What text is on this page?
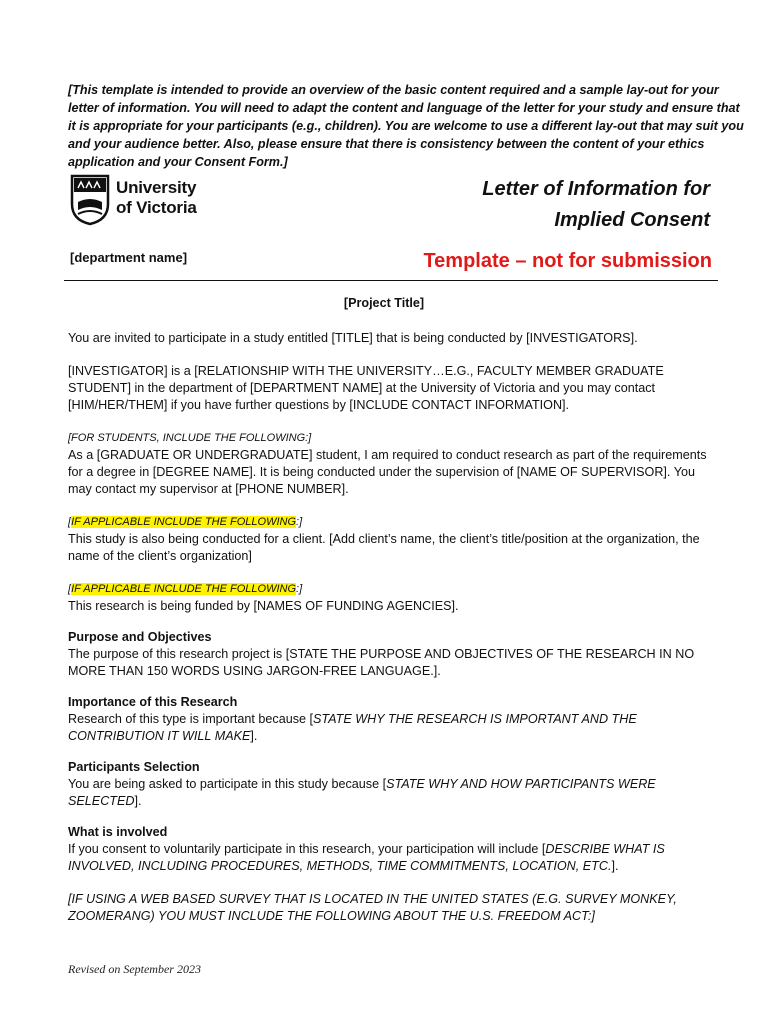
[This template is intended to provide an overview of the basic content required and a sample lay-out for your letter of information. You will need to adapt the content and language of the letter for your study and ensure that it is appropriate for your participants (e.g., children). You are welcome to use a different lay-out that may suit you and your audience better. Also, please ensure that there is consistency between the content of your ethics application and your Consent Form.]

University
of Victoria
Letter of Information for
Implied Consent
[department name]	Template – not for submission
[Project Title]

You are invited to participate in a study entitled [TITLE] that is being conducted by [INVESTIGATORS].

[INVESTIGATOR] is a [RELATIONSHIP WITH THE UNIVERSITY…E.G., FACULTY MEMBER GRADUATE STUDENT] in the department of [DEPARTMENT NAME] at the University of Victoria and you may contact [HIM/HER/THEM] if you have further questions by [INCLUDE CONTACT INFORMATION].

[FOR STUDENTS, INCLUDE THE FOLLOWING:]

As a [GRADUATE OR UNDERGRADUATE] student, I am required to conduct research as part of the requirements for a degree in [DEGREE NAME]. It is being conducted under the supervision of [NAME OF SUPERVISOR]. You may contact my supervisor at [PHONE NUMBER].

[IF APPLICABLE INCLUDE THE FOLLOWING:]

This study is also being conducted for a client. [Add client’s name, the client’s title/position at the organization, the name of the client’s organization]

[IF APPLICABLE INCLUDE THE FOLLOWING:]

This research is being funded by [NAMES OF FUNDING AGENCIES].

Purpose and Objectives

The purpose of this research project is [STATE THE PURPOSE AND OBJECTIVES OF THE RESEARCH IN NO MORE THAN 150 WORDS USING JARGON-FREE LANGUAGE.].

Importance of this Research

Research of this type is important because [STATE WHY THE RESEARCH IS IMPORTANT AND THE CONTRIBUTION IT WILL MAKE].

Participants Selection

You are being asked to participate in this study because [STATE WHY AND HOW PARTICIPANTS WERE SELECTED].

What is involved

If you consent to voluntarily participate in this research, your participation will include [DESCRIBE WHAT IS INVOLVED, INCLUDING PROCEDURES, METHODS, TIME COMMITMENTS, LOCATION, ETC.].

[IF USING A WEB BASED SURVEY THAT IS LOCATED IN THE UNITED STATES (E.G. SURVEY MONKEY, ZOOMERANG) YOU MUST INCLUDE THE FOLLOWING ABOUT THE U.S. FREEDOM ACT:]

Revised on September 2023
